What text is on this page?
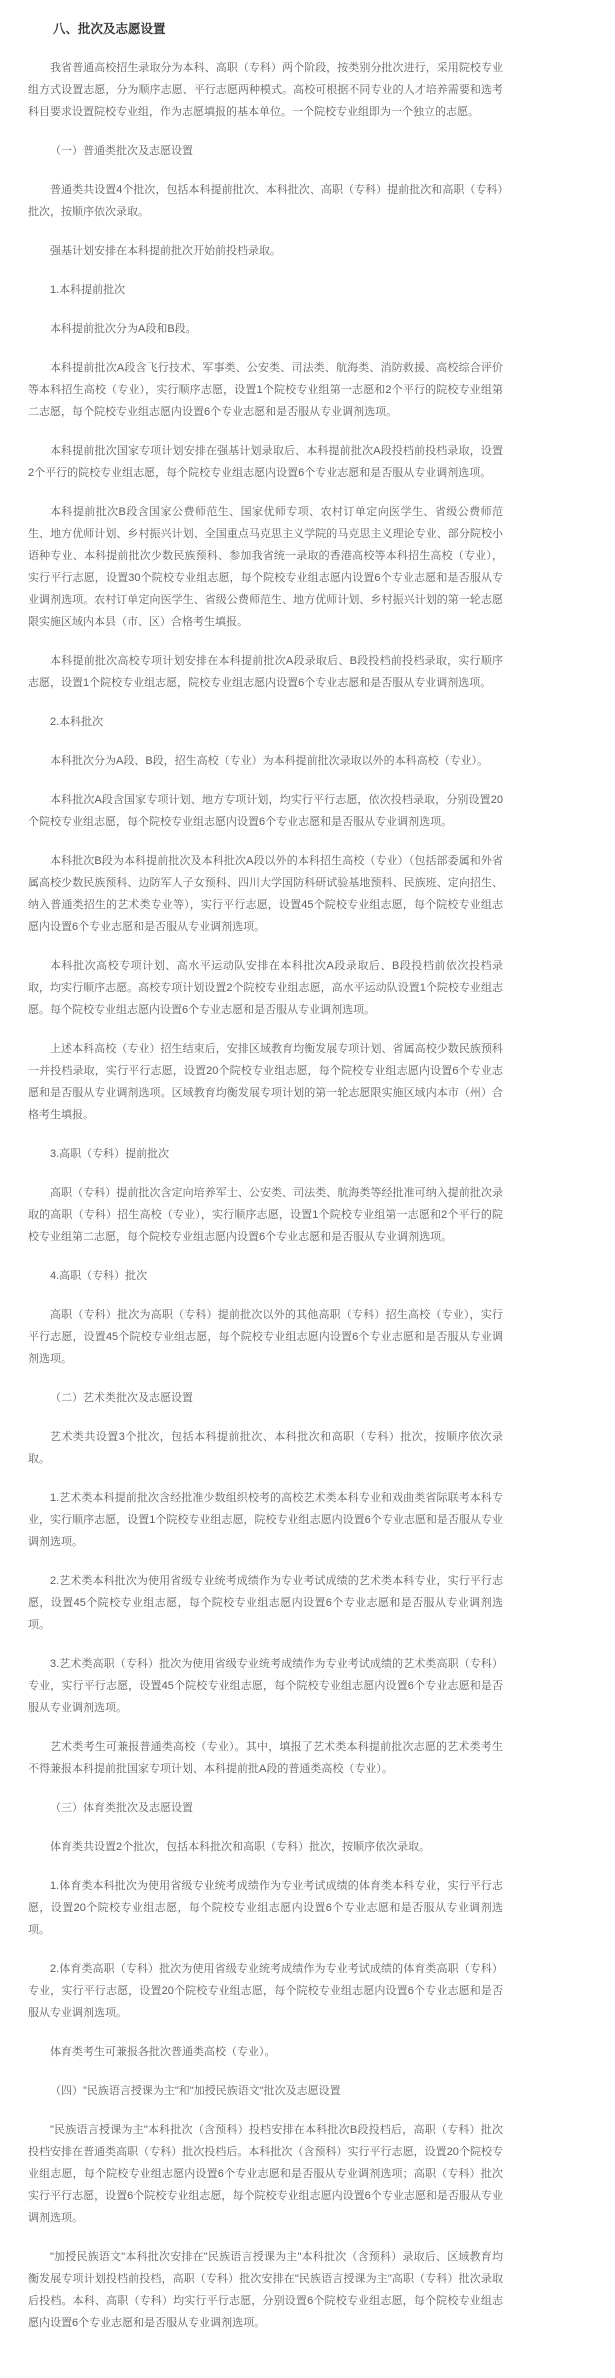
八、批次及志愿设置

我省普通高校招生录取分为本科、高职（专科）两个阶段，按类别分批次进行，采用院校专业组方式设置志愿，分为顺序志愿、平行志愿两种模式。高校可根据不同专业的人才培养需要和选考科目要求设置院校专业组，作为志愿填报的基本单位。一个院校专业组即为一个独立的志愿。

（一）普通类批次及志愿设置

普通类共设置4个批次，包括本科提前批次、本科批次、高职（专科）提前批次和高职（专科）批次，按顺序依次录取。

强基计划安排在本科提前批次开始前投档录取。

1.本科提前批次

本科提前批次分为A段和B段。

本科提前批次A段含飞行技术、军事类、公安类、司法类、航海类、消防救援、高校综合评价等本科招生高校（专业），实行顺序志愿，设置1个院校专业组第一志愿和2个平行的院校专业组第二志愿，每个院校专业组志愿内设置6个专业志愿和是否服从专业调剂选项。

本科提前批次国家专项计划安排在强基计划录取后、本科提前批次A段投档前投档录取，设置2个平行的院校专业组志愿，每个院校专业组志愿内设置6个专业志愿和是否服从专业调剂选项。

本科提前批次B段含国家公费师范生、国家优师专项、农村订单定向医学生、省级公费师范生、地方优师计划、乡村振兴计划、全国重点马克思主义学院的马克思主义理论专业、部分院校小语种专业、本科提前批次少数民族预科、参加我省统一录取的香港高校等本科招生高校（专业），实行平行志愿，设置30个院校专业组志愿，每个院校专业组志愿内设置6个专业志愿和是否服从专业调剂选项。农村订单定向医学生、省级公费师范生、地方优师计划、乡村振兴计划的第一轮志愿限实施区域内本县（市、区）合格考生填报。

本科提前批次高校专项计划安排在本科提前批次A段录取后、B段投档前投档录取，实行顺序志愿，设置1个院校专业组志愿，院校专业组志愿内设置6个专业志愿和是否服从专业调剂选项。

2.本科批次

本科批次分为A段、B段，招生高校（专业）为本科提前批次录取以外的本科高校（专业）。

本科批次A段含国家专项计划、地方专项计划，均实行平行志愿，依次投档录取，分别设置20个院校专业组志愿，每个院校专业组志愿内设置6个专业志愿和是否服从专业调剂选项。

本科批次B段为本科提前批次及本科批次A段以外的本科招生高校（专业）（包括部委属和外省属高校少数民族预科、边防军人子女预科、四川大学国防科研试验基地预科、民族班、定向招生、纳入普通类招生的艺术类专业等），实行平行志愿，设置45个院校专业组志愿，每个院校专业组志愿内设置6个专业志愿和是否服从专业调剂选项。

本科批次高校专项计划、高水平运动队安排在本科批次A段录取后、B段投档前依次投档录取，均实行顺序志愿。高校专项计划设置2个院校专业组志愿，高水平运动队设置1个院校专业组志愿。每个院校专业组志愿内设置6个专业志愿和是否服从专业调剂选项。

上述本科高校（专业）招生结束后，安排区域教育均衡发展专项计划、省属高校少数民族预科一并投档录取，实行平行志愿，设置20个院校专业组志愿，每个院校专业组志愿内设置6个专业志愿和是否服从专业调剂选项。区域教育均衡发展专项计划的第一轮志愿限实施区域内本市（州）合格考生填报。

3.高职（专科）提前批次

高职（专科）提前批次含定向培养军士、公安类、司法类、航海类等经批准可纳入提前批次录取的高职（专科）招生高校（专业），实行顺序志愿，设置1个院校专业组第一志愿和2个平行的院校专业组第二志愿，每个院校专业组志愿内设置6个专业志愿和是否服从专业调剂选项。

4.高职（专科）批次

高职（专科）批次为高职（专科）提前批次以外的其他高职（专科）招生高校（专业），实行平行志愿，设置45个院校专业组志愿，每个院校专业组志愿内设置6个专业志愿和是否服从专业调剂选项。

（二）艺术类批次及志愿设置

艺术类共设置3个批次，包括本科提前批次、本科批次和高职（专科）批次，按顺序依次录取。

1.艺术类本科提前批次含经批准少数组织校考的高校艺术类本科专业和戏曲类省际联考本科专业，实行顺序志愿，设置1个院校专业组志愿，院校专业组志愿内设置6个专业志愿和是否服从专业调剂选项。

2.艺术类本科批次为使用省级专业统考成绩作为专业考试成绩的艺术类本科专业，实行平行志愿，设置45个院校专业组志愿，每个院校专业组志愿内设置6个专业志愿和是否服从专业调剂选项。

3.艺术类高职（专科）批次为使用省级专业统考成绩作为专业考试成绩的艺术类高职（专科）专业，实行平行志愿，设置45个院校专业组志愿，每个院校专业组志愿内设置6个专业志愿和是否服从专业调剂选项。

艺术类考生可兼报普通类高校（专业）。其中，填报了艺术类本科提前批次志愿的艺术类考生不得兼报本科提前批国家专项计划、本科提前批A段的普通类高校（专业）。

（三）体育类批次及志愿设置

体育类共设置2个批次，包括本科批次和高职（专科）批次，按顺序依次录取。

1.体育类本科批次为使用省级专业统考成绩作为专业考试成绩的体育类本科专业，实行平行志愿，设置20个院校专业组志愿，每个院校专业组志愿内设置6个专业志愿和是否服从专业调剂选项。

2.体育类高职（专科）批次为使用省级专业统考成绩作为专业考试成绩的体育类高职（专科）专业，实行平行志愿，设置20个院校专业组志愿，每个院校专业组志愿内设置6个专业志愿和是否服从专业调剂选项。

体育类考生可兼报各批次普通类高校（专业）。

（四）"民族语言授课为主"和"加授民族语文"批次及志愿设置

"民族语言授课为主"本科批次（含预科）投档安排在本科批次B段投档后，高职（专科）批次投档安排在普通类高职（专科）批次投档后。本科批次（含预科）实行平行志愿，设置20个院校专业组志愿，每个院校专业组志愿内设置6个专业志愿和是否服从专业调剂选项；高职（专科）批次实行平行志愿，设置6个院校专业组志愿，每个院校专业组志愿内设置6个专业志愿和是否服从专业调剂选项。

"加授民族语文"本科批次安排在"民族语言授课为主"本科批次（含预科）录取后、区域教育均衡发展专项计划投档前投档，高职（专科）批次安排在"民族语言授课为主"高职（专科）批次录取后投档。本科、高职（专科）均实行平行志愿，分别设置6个院校专业组志愿，每个院校专业组志愿内设置6个专业志愿和是否服从专业调剂选项。
